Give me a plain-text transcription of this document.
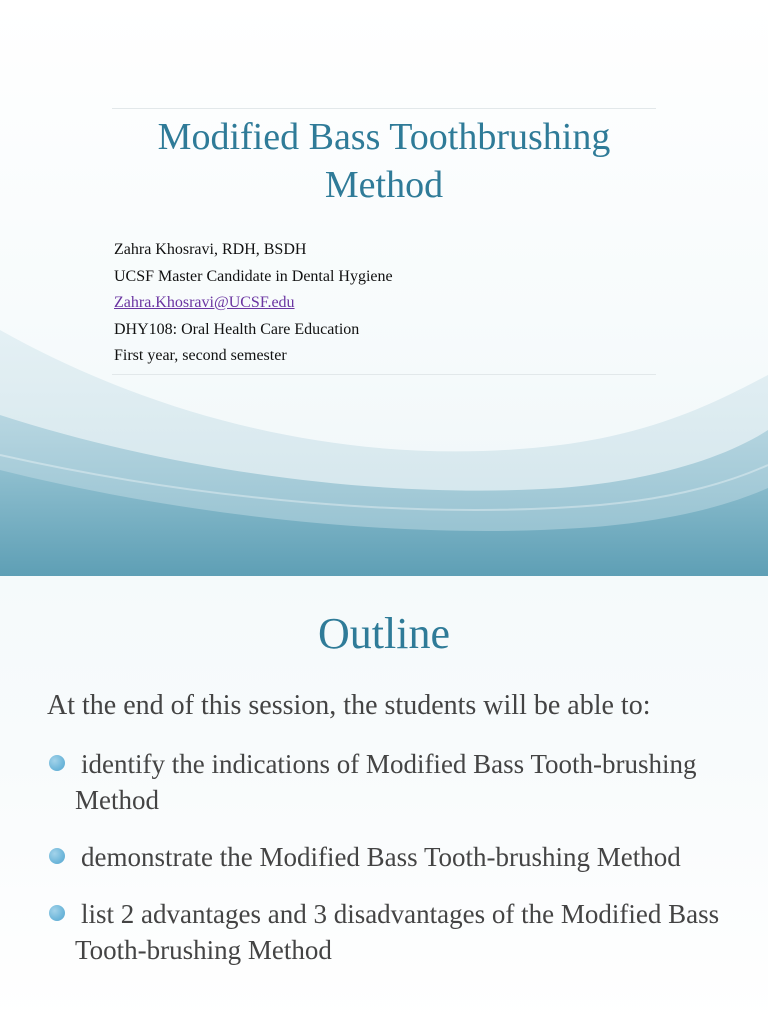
Modified Bass Toothbrushing Method
Zahra Khosravi, RDH, BSDH
UCSF Master Candidate in Dental Hygiene
Zahra.Khosravi@UCSF.edu
DHY108: Oral Health Care Education
First year, second semester
Outline
At the end of this session, the students will be able to:
identify the indications of Modified Bass Tooth-brushing Method
demonstrate the Modified Bass Tooth-brushing Method
list 2 advantages and 3 disadvantages of the Modified Bass Tooth-brushing Method
